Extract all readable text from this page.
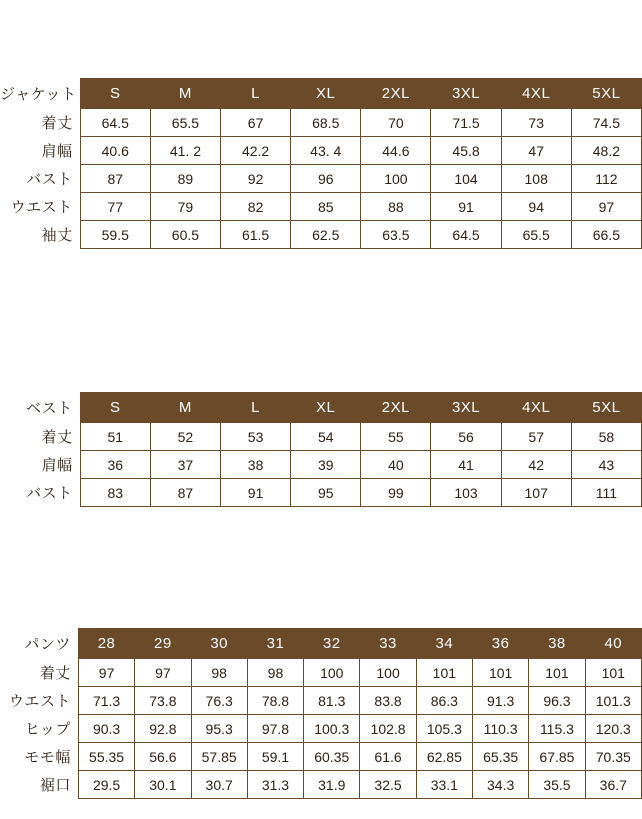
ジャケット	S	M	L	XL	2XL	3XL	4XL	5XL
着丈	64.5	65.5	67	68.5	70	71.5	73	74.5
肩幅	40.6	41. 2	42.2	43. 4	44.6	45.8	47	48.2
バスト	87	89	92	96	100	104	108	112
ウエスト	77	79	82	85	88	91	94	97
袖丈	59.5	60.5	61.5	62.5	63.5	64.5	65.5	66.5
ベスト	S	M	L	XL	2XL	3XL	4XL	5XL
着丈	51	52	53	54	55	56	57	58
肩幅	36	37	38	39	40	41	42	43
バスト	83	87	91	95	99	103	107	111
パンツ	28	29	30	31	32	33	34	36	38	40
着丈	97	97	98	98	100	100	101	101	101	101
ウエスト	71.3	73.8	76.3	78.8	81.3	83.8	86.3	91.3	96.3	101.3
ヒップ	90.3	92.8	95.3	97.8	100.3	102.8	105.3	110.3	115.3	120.3
モモ幅	55.35	56.6	57.85	59.1	60.35	61.6	62.85	65.35	67.85	70.35
裾口	29.5	30.1	30.7	31.3	31.9	32.5	33.1	34.3	35.5	36.7
